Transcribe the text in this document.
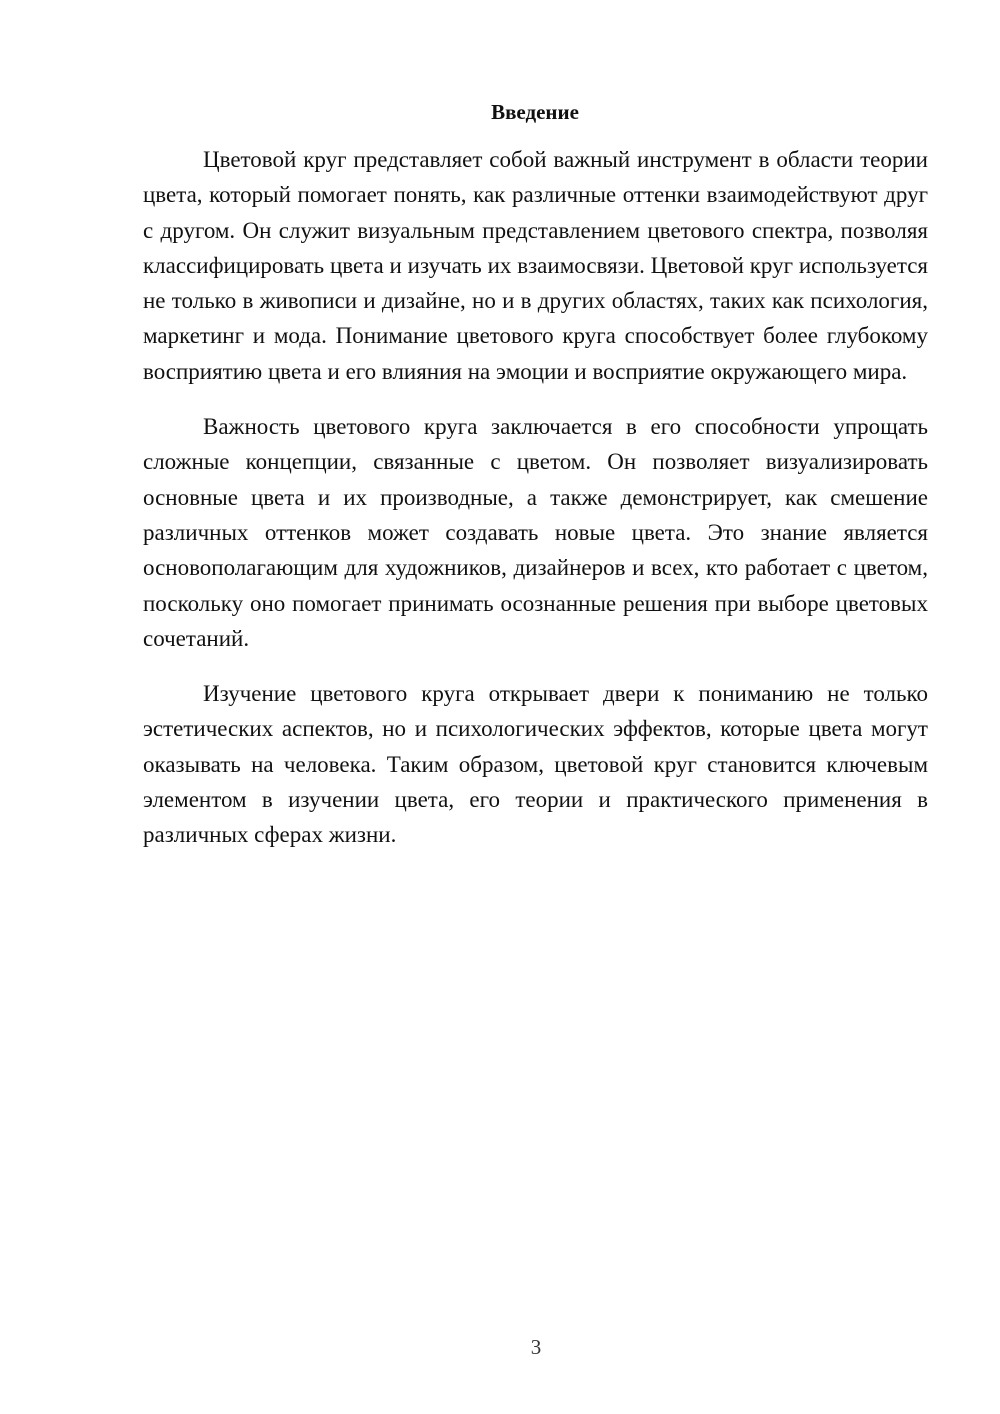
Введение

Цветовой круг представляет собой важный инструмент в области теории цвета, который помогает понять, как различные оттенки взаимодействуют друг с другом. Он служит визуальным представлением цветового спектра, позволяя классифицировать цвета и изучать их взаимосвязи. Цветовой круг используется не только в живописи и дизайне, но и в других областях, таких как психология, маркетинг и мода. Понимание цветового круга способствует более глубокому восприятию цвета и его влияния на эмоции и восприятие окружающего мира.

Важность цветового круга заключается в его способности упрощать сложные концепции, связанные с цветом. Он позволяет визуализировать основные цвета и их производные, а также демонстрирует, как смешение различных оттенков может создавать новые цвета. Это знание является основополагающим для художников, дизайнеров и всех, кто работает с цветом, поскольку оно помогает принимать осознанные решения при выборе цветовых сочетаний.

Изучение цветового круга открывает двери к пониманию не только эстетических аспектов, но и психологических эффектов, которые цвета могут оказывать на человека. Таким образом, цветовой круг становится ключевым элементом в изучении цвета, его теории и практического применения в различных сферах жизни.

3
